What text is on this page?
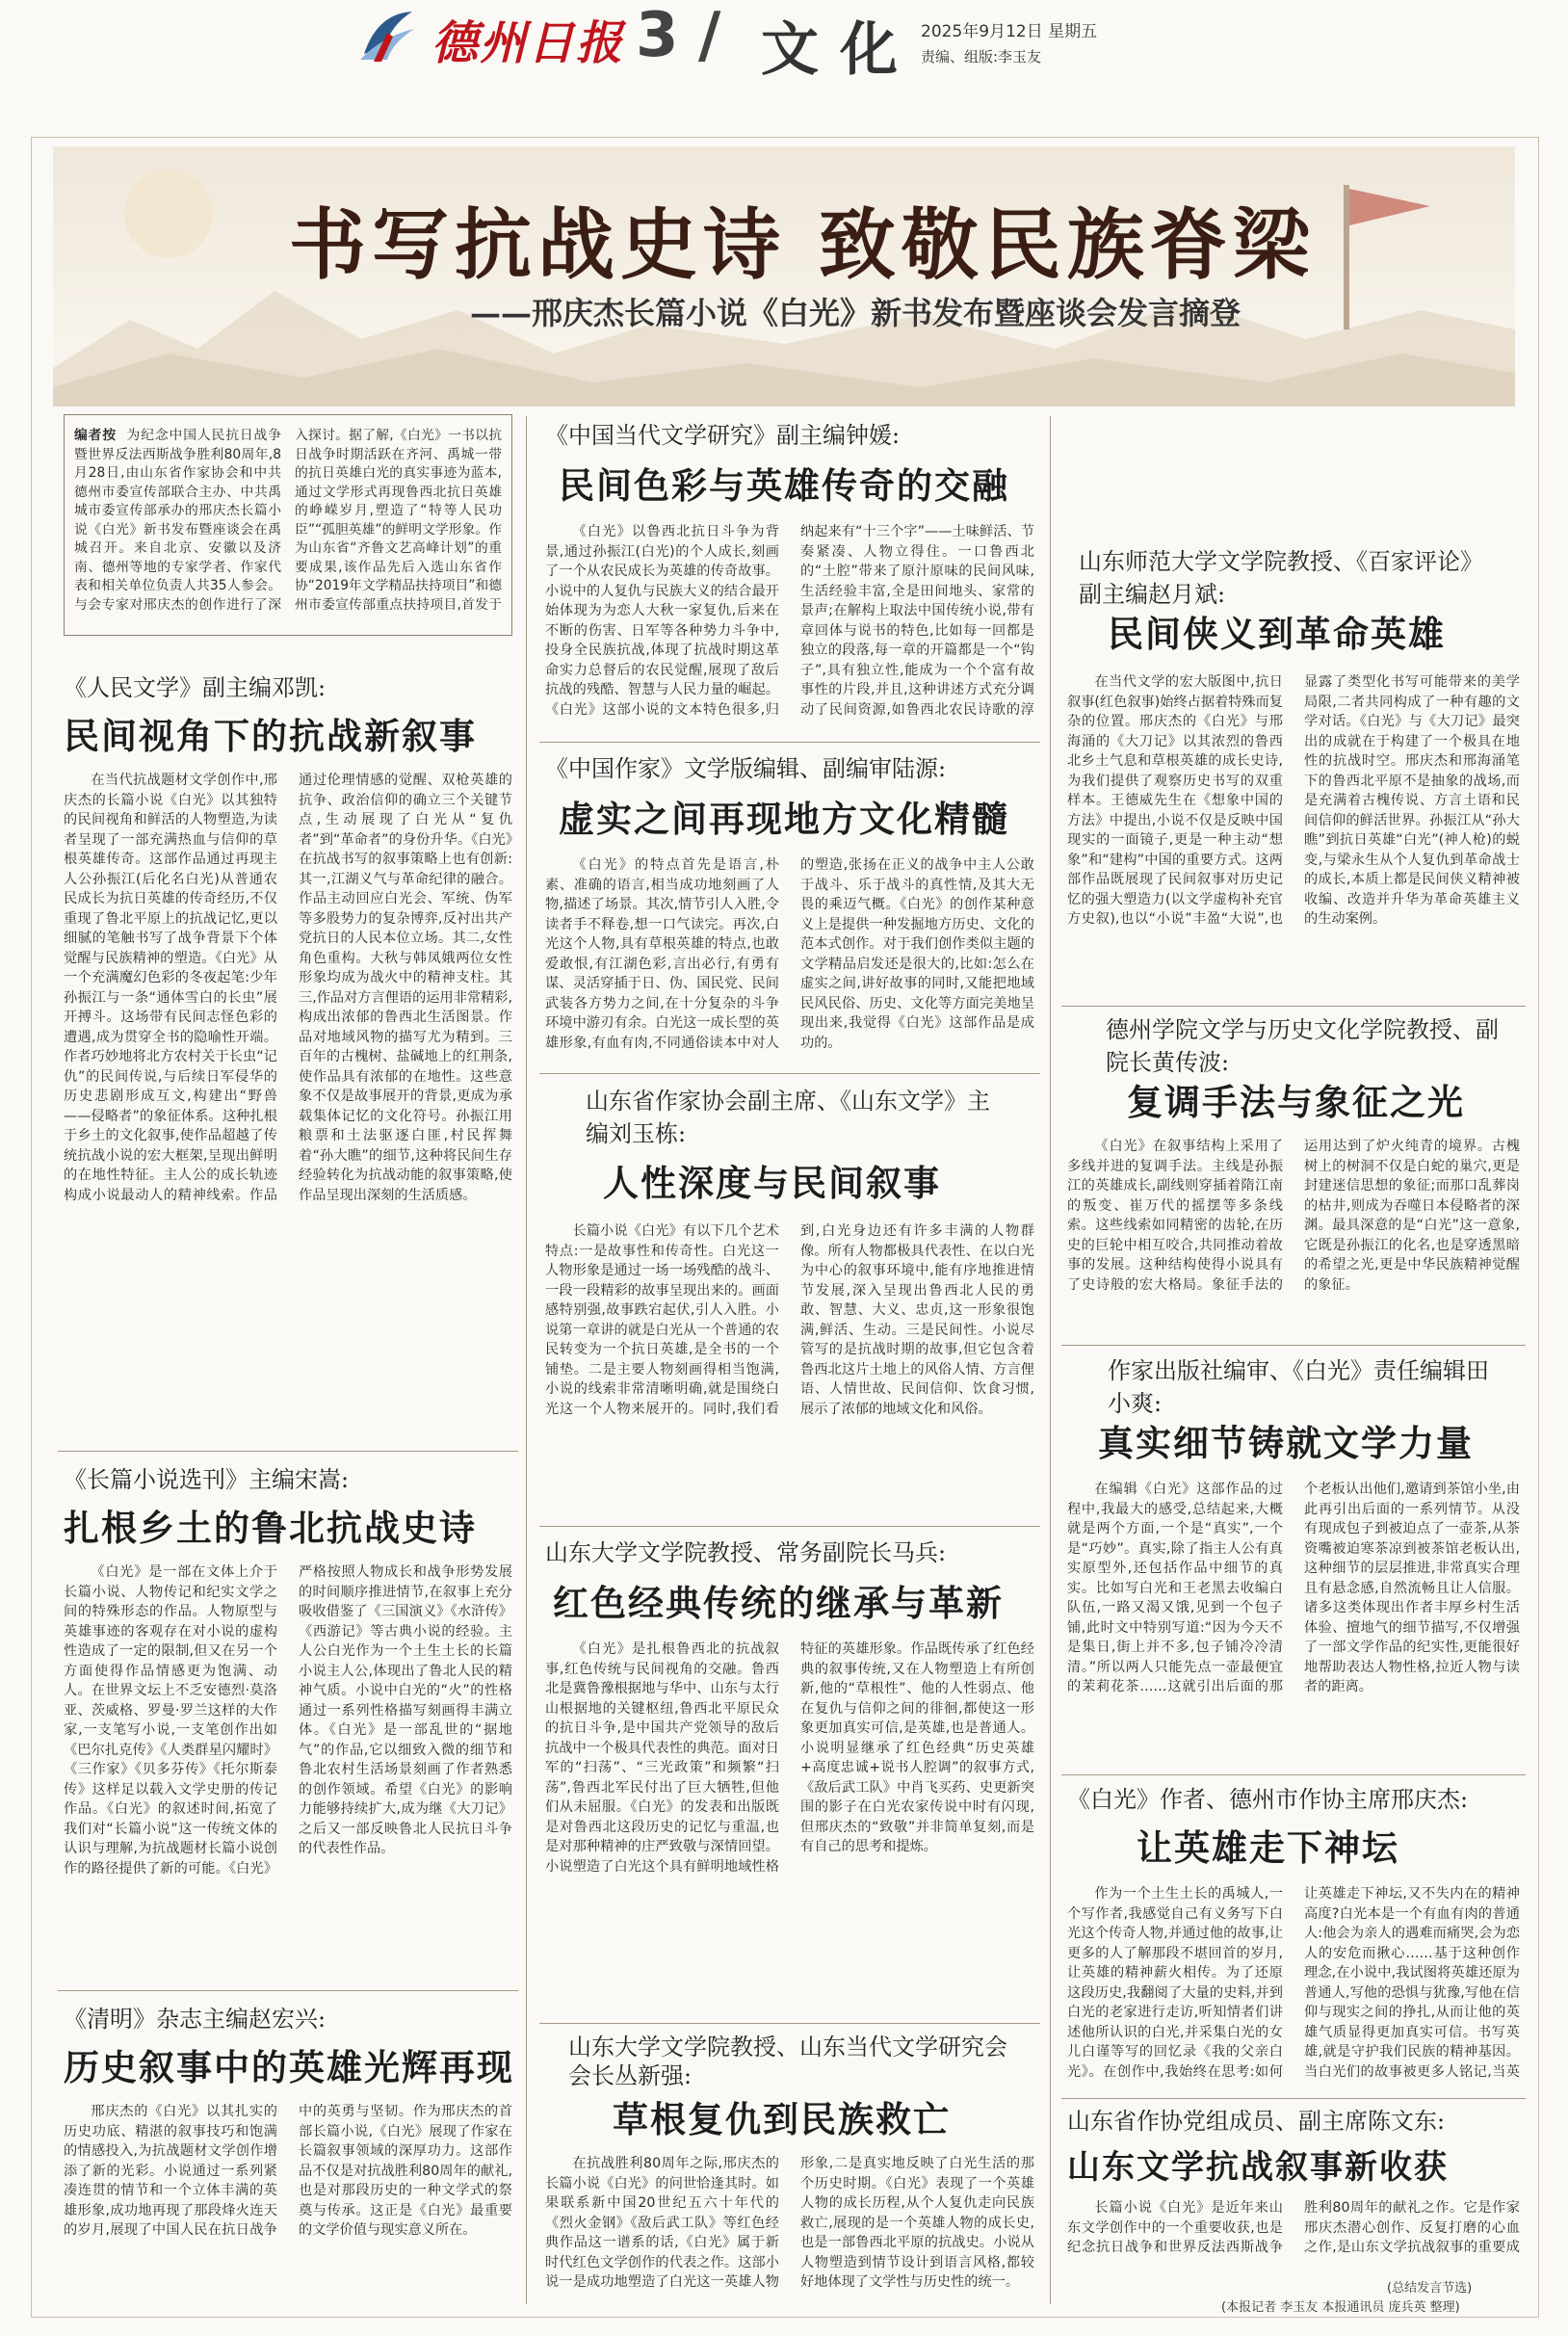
德州日报 3 / 文化 2025年9月12日 星期五
责编、组版:李玉友
书写抗战史诗 致敬民族脊梁
——邢庆杰长篇小说《白光》新书发布暨座谈会发言摘登
编者按 为纪念中国人民抗日战争暨世界反法西斯战争胜利80周年,8月28日,由山东省作家协会和中共德州市委宣传部联合主办、中共禹城市委宣传部承办的邢庆杰长篇小说《白光》新书发布暨座谈会在禹城召开。来自北京、安徽以及济南、德州等地的专家学者、作家代表和相关单位负责人共35人参会。与会专家对邢庆杰的创作进行了深入探讨。据了解,《白光》一书以抗日战争时期活跃在齐河、禹城一带的抗日英雄白光的真实事迹为蓝本,通过文学形式再现鲁西北抗日英雄的峥嵘岁月,塑造了“特等人民功臣”“孤胆英雄”的鲜明文学形象。作为山东省“齐鲁文艺高峰计划”的重要成果,该作品先后入选山东省作协“2019年文学精品扶持项目”和德州市委宣传部重点扶持项目,首发于
《人民文学》副主编邓凯:
民间视角下的抗战新叙事
在当代抗战题材文学创作中,邢庆杰的长篇小说《白光》以其独特的民间视角和鲜活的人物塑造,为读者呈现了一部充满热血与信仰的草根英雄传奇。这部作品通过再现主人公孙振江(后化名白光)从普通农民成长为抗日英雄的传奇经历,不仅重现了鲁北平原上的抗战记忆,更以细腻的笔触书写了战争背景下个体觉醒与民族精神的塑造。《白光》从一个充满魔幻色彩的冬夜起笔:少年孙振江与一条“通体雪白的长虫”展开搏斗。这场带有民间志怪色彩的遭遇,成为贯穿全书的隐喻性开端。作者巧妙地将北方农村关于长虫“记仇”的民间传说,与后续日军侵华的历史悲剧形成互文,构建出“野兽——侵略者”的象征体系。这种扎根于乡土的文化叙事,使作品超越了传统抗战小说的宏大框架,呈现出鲜明的在地性特征。主人公的成长轨迹构成小说最动人的精神线索。作品通过伦理情感的觉醒、双枪英雄的抗争、政治信仰的确立三个关键节点,生动展现了白光从“复仇者”到“革命者”的身份升华。《白光》在抗战书写的叙事策略上也有创新:其一,江湖义气与革命纪律的融合。作品主动回应白光会、军统、伪军等多股势力的复杂博弈,反衬出共产党抗日的人民本位立场。其二,女性角色重构。大秋与韩凤娥两位女性形象均成为战火中的精神支柱。其三,作品对方言俚语的运用非常精彩,构成出浓郁的鲁西北生活图景。作品对地域风物的描写尤为精到。三百年的古槐树、盐碱地上的红荆条,使作品具有浓郁的在地性。这些意象不仅是故事展开的背景,更成为承载集体记忆的文化符号。孙振江用粮票和土法驱逐白匪,村民挥舞着“孙大瞧”的细节,这种将民间生存经验转化为抗战动能的叙事策略,使作品呈现出深刻的生活质感。
《长篇小说选刊》主编宋嵩:
扎根乡土的鲁北抗战史诗
《白光》是一部在文体上介于长篇小说、人物传记和纪实文学之间的特殊形态的作品。人物原型与英雄事迹的客观存在对小说的虚构性造成了一定的限制,但又在另一个方面使得作品情感更为饱满、动人。在世界文坛上不乏安德烈·莫洛亚、茨威格、罗曼·罗兰这样的大作家,一支笔写小说,一支笔创作出如《巴尔扎克传》《人类群星闪耀时》《三作家》《贝多芬传》《托尔斯泰传》这样足以载入文学史册的传记作品。《白光》的叙述时间,拓宽了我们对“长篇小说”这一传统文体的认识与理解,为抗战题材长篇小说创作的路径提供了新的可能。《白光》严格按照人物成长和战争形势发展的时间顺序推进情节,在叙事上充分吸收借鉴了《三国演义》《水浒传》《西游记》等古典小说的经验。主人公白光作为一个土生土长的长篇小说主人公,体现出了鲁北人民的精神气质。小说中白光的“火”的性格通过一系列性格描写刻画得丰满立体。《白光》是一部乱世的“据地气”的作品,它以细致入微的细节和鲁北农村生活场景刻画了作者熟悉的创作领域。希望《白光》的影响力能够持续扩大,成为继《大刀记》之后又一部反映鲁北人民抗日斗争的代表性作品。
《清明》杂志主编赵宏兴:
历史叙事中的英雄光辉再现
邢庆杰的《白光》以其扎实的历史功底、精湛的叙事技巧和饱满的情感投入,为抗战题材文学创作增添了新的光彩。小说通过一系列紧凑连贯的情节和一个立体丰满的英雄形象,成功地再现了那段烽火连天的岁月,展现了中国人民在抗日战争中的英勇与坚韧。作为邢庆杰的首部长篇小说,《白光》展现了作家在长篇叙事领域的深厚功力。这部作品不仅是对抗战胜利80周年的献礼,也是对那段历史的一种文学式的祭奠与传承。这正是《白光》最重要的文学价值与现实意义所在。
《中国当代文学研究》副主编钟媛:
民间色彩与英雄传奇的交融
《白光》以鲁西北抗日斗争为背景,通过孙振江(白光)的个人成长,刻画了一个从农民成长为英雄的传奇故事。小说中的人复仇与民族大义的结合最开始体现为为恋人大秋一家复仇,后来在不断的伤害、日军等各种势力斗争中,投身全民族抗战,体现了抗战时期这革命实力总督后的农民觉醒,展现了敌后抗战的残酷、智慧与人民力量的崛起。《白光》这部小说的文本特色很多,归纳起来有“十三个字”——土味鲜活、节奏紧凑、人物立得住。一口鲁西北的“土腔”带来了原汁原味的民间风味,生活经验丰富,全是田间地头、家常的景声;在解构上取法中国传统小说,带有章回体与说书的特色,比如每一回都是独立的段落,每一章的开篇都是一个“钩子”,具有独立性,能成为一个个富有故事性的片段,并且,这种讲述方式充分调动了民间资源,如鲁西北农民诗歌的淳
《中国作家》文学版编辑、副编审陆源:
虚实之间再现地方文化精髓
《白光》的特点首先是语言,朴素、准确的语言,相当成功地刻画了人物,描述了场景。其次,情节引人入胜,令读者手不释卷,想一口气读完。再次,白光这个人物,具有草根英雄的特点,也敢爱敢恨,有江湖色彩,言出必行,有勇有谋、灵活穿插于日、伪、国民党、民间武装各方势力之间,在十分复杂的斗争环境中游刃有余。白光这一成长型的英雄形象,有血有肉,不同通俗读本中对人的塑造,张扬在正义的战争中主人公敢于战斗、乐于战斗的真性情,及其大无畏的乘迈气概。《白光》的创作某种意义上是提供一种发掘地方历史、文化的范本式创作。对于我们创作类似主题的文学精品启发还是很大的,比如:怎么在虚实之间,讲好故事的同时,又能把地域民风民俗、历史、文化等方面完美地呈现出来,我觉得《白光》这部作品是成功的。
山东省作家协会副主席、《山东文学》主编刘玉栋:
人性深度与民间叙事
长篇小说《白光》有以下几个艺术特点:一是故事性和传奇性。白光这一人物形象是通过一场一场残酷的战斗、一段一段精彩的故事呈现出来的。画面感特别强,故事跌宕起伏,引人入胜。小说第一章讲的就是白光从一个普通的农民转变为一个抗日英雄,是全书的一个铺垫。二是主要人物刻画得相当饱满,小说的线索非常清晰明确,就是围绕白光这一个人物来展开的。同时,我们看到,白光身边还有许多丰满的人物群像。所有人物都极具代表性、在以白光为中心的叙事环境中,能有序地推进情节发展,深入呈现出鲁西北人民的勇敢、智慧、大义、忠贞,这一形象很饱满,鲜活、生动。三是民间性。小说尽管写的是抗战时期的故事,但它包含着鲁西北这片土地上的风俗人情、方言俚语、人情世故、民间信仰、饮食习惯,展示了浓郁的地域文化和风俗。
山东大学文学院教授、常务副院长马兵:
红色经典传统的继承与革新
《白光》是扎根鲁西北的抗战叙事,红色传统与民间视角的交融。鲁西北是冀鲁豫根据地与华中、山东与太行山根据地的关键枢纽,鲁西北平原民众的抗日斗争,是中国共产党领导的敌后抗战中一个极具代表性的典范。面对日军的“扫荡”、“三光政策”和频繁“扫荡”,鲁西北军民付出了巨大牺牲,但他们从未屈服。《白光》的发表和出版既是对鲁西北这段历史的记忆与重温,也是对那种精神的庄严致敬与深情回望。小说塑造了白光这个具有鲜明地域性格特征的英雄形象。作品既传承了红色经典的叙事传统,又在人物塑造上有所创新,他的“草根性”、他的人性弱点、他在复仇与信仰之间的徘徊,都使这一形象更加真实可信,是英雄,也是普通人。小说明显继承了红色经典“历史英雄+高度忠诚+说书人腔调”的叙事方式,《敌后武工队》中肖飞买药、史更新突围的影子在白光农家传说中时有闪现,但邢庆杰的“致敬”并非简单复刻,而是有自己的思考和提炼。
山东大学文学院教授、山东当代文学研究会会长丛新强:
草根复仇到民族救亡
在抗战胜利80周年之际,邢庆杰的长篇小说《白光》的问世恰逢其时。如果联系新中国20世纪五六十年代的《烈火金钢》《敌后武工队》等红色经典作品这一谱系的话,《白光》属于新时代红色文学创作的代表之作。这部小说一是成功地塑造了白光这一英雄人物形象,二是真实地反映了白光生活的那个历史时期。《白光》表现了一个英雄人物的成长历程,从个人复仇走向民族救亡,展现的是一个英雄人物的成长史,也是一部鲁西北平原的抗战史。小说从人物塑造到情节设计到语言风格,都较好地体现了文学性与历史性的统一。
山东师范大学文学院教授、《百家评论》副主编赵月斌:
民间侠义到革命英雄
在当代文学的宏大版图中,抗日叙事(红色叙事)始终占据着特殊而复杂的位置。邢庆杰的《白光》与邢海涌的《大刀记》以其浓烈的鲁西北乡土气息和草根英雄的成长史诗,为我们提供了观察历史书写的双重样本。王德威先生在《想象中国的方法》中提出,小说不仅是反映中国现实的一面镜子,更是一种主动“想象”和“建构”中国的重要方式。这两部作品既展现了民间叙事对历史记忆的强大塑造力(以文学虚构补充官方史叙),也以“小说”丰盈“大说”,也显露了类型化书写可能带来的美学局限,二者共同构成了一种有趣的文学对话。《白光》与《大刀记》最突出的成就在于构建了一个极具在地性的抗战时空。邢庆杰和邢海涌笔下的鲁西北平原不是抽象的战场,而是充满着古槐传说、方言土语和民间信仰的鲜活世界。孙振江从“孙大瞧”到抗日英雄“白光”(神人枪)的蜕变,与梁永生从个人复仇到革命战士的成长,本质上都是民间侠义精神被收编、改造并升华为革命英雄主义的生动案例。
德州学院文学与历史文化学院教授、副院长黄传波:
复调手法与象征之光
《白光》在叙事结构上采用了多线并进的复调手法。主线是孙振江的英雄成长,副线则穿插着隋江南的叛变、崔万代的摇摆等多条线索。这些线索如同精密的齿轮,在历史的巨轮中相互咬合,共同推动着故事的发展。这种结构使得小说具有了史诗般的宏大格局。象征手法的运用达到了炉火纯青的境界。古槐树上的树洞不仅是白蛇的巢穴,更是封建迷信思想的象征;而那口乱葬岗的枯井,则成为吞噬日本侵略者的深渊。最具深意的是“白光”这一意象,它既是孙振江的化名,也是穿透黑暗的希望之光,更是中华民族精神觉醒的象征。
作家出版社编审、《白光》责任编辑田小爽:
真实细节铸就文学力量
在编辑《白光》这部作品的过程中,我最大的感受,总结起来,大概就是两个方面,一个是“真实”,一个是“巧妙”。真实,除了指主人公有真实原型外,还包括作品中细节的真实。比如写白光和王老黑去收编白队伍,一路又渴又饿,见到一个包子铺,此时文中特别写道:“因为今天不是集日,街上并不多,包子铺冷冷清清。”所以两人只能先点一壶最便宜的茉莉花茶……这就引出后面的那个老板认出他们,邀请到茶馆小坐,由此再引出后面的一系列情节。从没有现成包子到被迫点了一壶茶,从茶资嘴被迫寒茶凉到被茶馆老板认出,这种细节的层层推进,非常真实合理且有悬念感,自然流畅且让人信服。诸多这类体现出作者丰厚乡村生活体验、擅地气的细节描写,不仅增强了一部文学作品的纪实性,更能很好地帮助表达人物性格,拉近人物与读者的距离。
《白光》作者、德州市作协主席邢庆杰:
让英雄走下神坛
作为一个土生土长的禹城人,一个写作者,我感觉自己有义务写下白光这个传奇人物,并通过他的故事,让更多的人了解那段不堪回首的岁月,让英雄的精神薪火相传。为了还原这段历史,我翻阅了大量的史料,并到白光的老家进行走访,听知情者们讲述他所认识的白光,并采集白光的女儿白谨等写的回忆录《我的父亲白光》。在创作中,我始终在思考:如何让英雄走下神坛,又不失内在的精神高度?白光本是一个有血有肉的普通人:他会为亲人的遇难而痛哭,会为恋人的安危而揪心……基于这种创作理念,在小说中,我试图将英雄还原为普通人,写他的恐惧与犹豫,写他在信仰与现实之间的挣扎,从而让他的英雄气质显得更加真实可信。书写英雄,就是守护我们民族的精神基因。当白光们的故事被更多人铭记,当英
山东省作协党组成员、副主席陈文东:
山东文学抗战叙事新收获
长篇小说《白光》是近年来山东文学创作中的一个重要收获,也是纪念抗日战争和世界反法西斯战争胜利80周年的献礼之作。它是作家邢庆杰潜心创作、反复打磨的心血之作,是山东文学抗战叙事的重要成
(总结发言节选)
(本报记者 李玉友 本报通讯员 庞兵英 整理)
